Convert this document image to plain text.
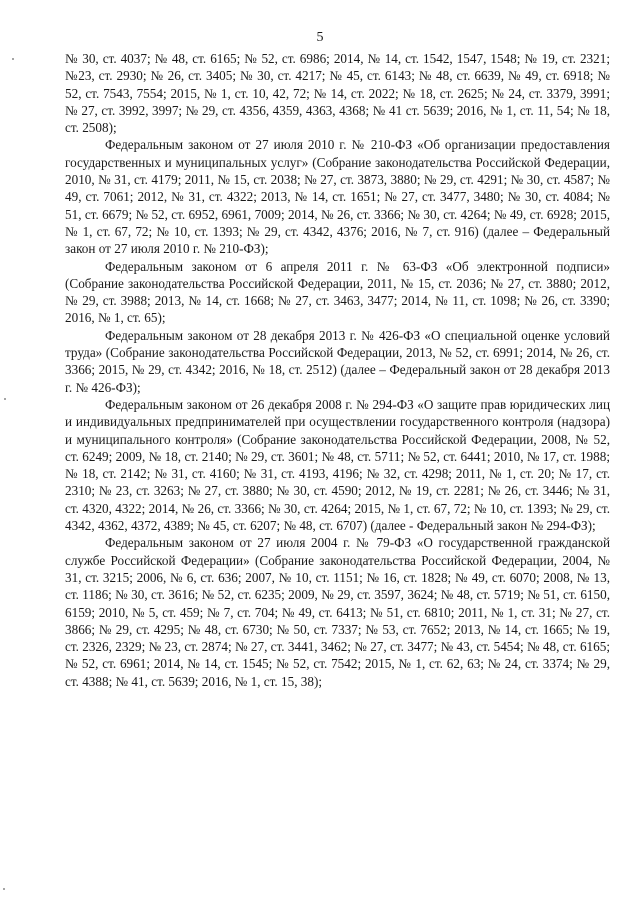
5

№ 30, ст. 4037; № 48, ст. 6165; № 52, ст. 6986; 2014, № 14, ст. 1542, 1547, 1548; № 19, ст. 2321; №23, ст. 2930; № 26, ст. 3405; № 30, ст. 4217; № 45, ст. 6143; № 48, ст. 6639, № 49, ст. 6918; № 52, ст. 7543, 7554; 2015, № 1, ст. 10, 42, 72; № 14, ст. 2022; № 18, ст. 2625; № 24, ст. 3379, 3991; № 27, ст. 3992, 3997; № 29, ст. 4356, 4359, 4363, 4368; № 41 ст. 5639; 2016, № 1, ст. 11, 54; № 18, ст. 2508);

Федеральным законом от 27 июля 2010 г. № 210-ФЗ «Об организации предоставления государственных и муниципальных услуг» (Собрание законодательства Российской Федерации, 2010, № 31, ст. 4179; 2011, № 15, ст. 2038; № 27, ст. 3873, 3880; № 29, ст. 4291; № 30, ст. 4587; № 49, ст. 7061; 2012, № 31, ст. 4322; 2013, № 14, ст. 1651; № 27, ст. 3477, 3480; № 30, ст. 4084; № 51, ст. 6679; № 52, ст. 6952, 6961, 7009; 2014, № 26, ст. 3366; № 30, ст. 4264; № 49, ст. 6928; 2015, № 1, ст. 67, 72; № 10, ст. 1393; № 29, ст. 4342, 4376; 2016, № 7, ст. 916) (далее – Федеральный закон от 27 июля 2010 г. № 210-ФЗ);

Федеральным законом от 6 апреля 2011 г. № 63-ФЗ «Об электронной подписи» (Собрание законодательства Российской Федерации, 2011, № 15, ст. 2036; № 27, ст. 3880; 2012, № 29, ст. 3988; 2013, № 14, ст. 1668; № 27, ст. 3463, 3477; 2014, № 11, ст. 1098; № 26, ст. 3390; 2016, № 1, ст. 65);

Федеральным законом от 28 декабря 2013 г. № 426-ФЗ «О специальной оценке условий труда» (Собрание законодательства Российской Федерации, 2013, № 52, ст. 6991; 2014, № 26, ст. 3366; 2015, № 29, ст. 4342; 2016, № 18, ст. 2512) (далее – Федеральный закон от 28 декабря 2013 г. № 426-ФЗ);

Федеральным законом от 26 декабря 2008 г. № 294-ФЗ «О защите прав юридических лиц и индивидуальных предпринимателей при осуществлении государственного контроля (надзора) и муниципального контроля» (Собрание законодательства Российской Федерации, 2008, № 52, ст. 6249; 2009, № 18, ст. 2140; № 29, ст. 3601; № 48, ст. 5711; № 52, ст. 6441; 2010, № 17, ст. 1988; № 18, ст. 2142; № 31, ст. 4160; № 31, ст. 4193, 4196; № 32, ст. 4298; 2011, № 1, ст. 20; № 17, ст. 2310; № 23, ст. 3263; № 27, ст. 3880; № 30, ст. 4590; 2012, № 19, ст. 2281; № 26, ст. 3446; № 31, ст. 4320, 4322; 2014, № 26, ст. 3366; № 30, ст. 4264; 2015, № 1, ст. 67, 72; № 10, ст. 1393; № 29, ст. 4342, 4362, 4372, 4389; № 45, ст. 6207; № 48, ст. 6707) (далее - Федеральный закон № 294-ФЗ);

Федеральным законом от 27 июля 2004 г. № 79-ФЗ «О государственной гражданской службе Российской Федерации» (Собрание законодательства Российской Федерации, 2004, № 31, ст. 3215; 2006, № 6, ст. 636; 2007, № 10, ст. 1151; № 16, ст. 1828; № 49, ст. 6070; 2008, № 13, ст. 1186; № 30, ст. 3616; № 52, ст. 6235; 2009, № 29, ст. 3597, 3624; № 48, ст. 5719; № 51, ст. 6150, 6159; 2010, № 5, ст. 459; № 7, ст. 704; № 49, ст. 6413; № 51, ст. 6810; 2011, № 1, ст. 31; № 27, ст. 3866; № 29, ст. 4295; № 48, ст. 6730; № 50, ст. 7337; № 53, ст. 7652; 2013, № 14, ст. 1665; № 19, ст. 2326, 2329; № 23, ст. 2874; № 27, ст. 3441, 3462; № 27, ст. 3477; № 43, ст. 5454; № 48, ст. 6165; № 52, ст. 6961; 2014, № 14, ст. 1545; № 52, ст. 7542; 2015, № 1, ст. 62, 63; № 24, ст. 3374; № 29, ст. 4388; № 41, ст. 5639; 2016, № 1, ст. 15, 38);
